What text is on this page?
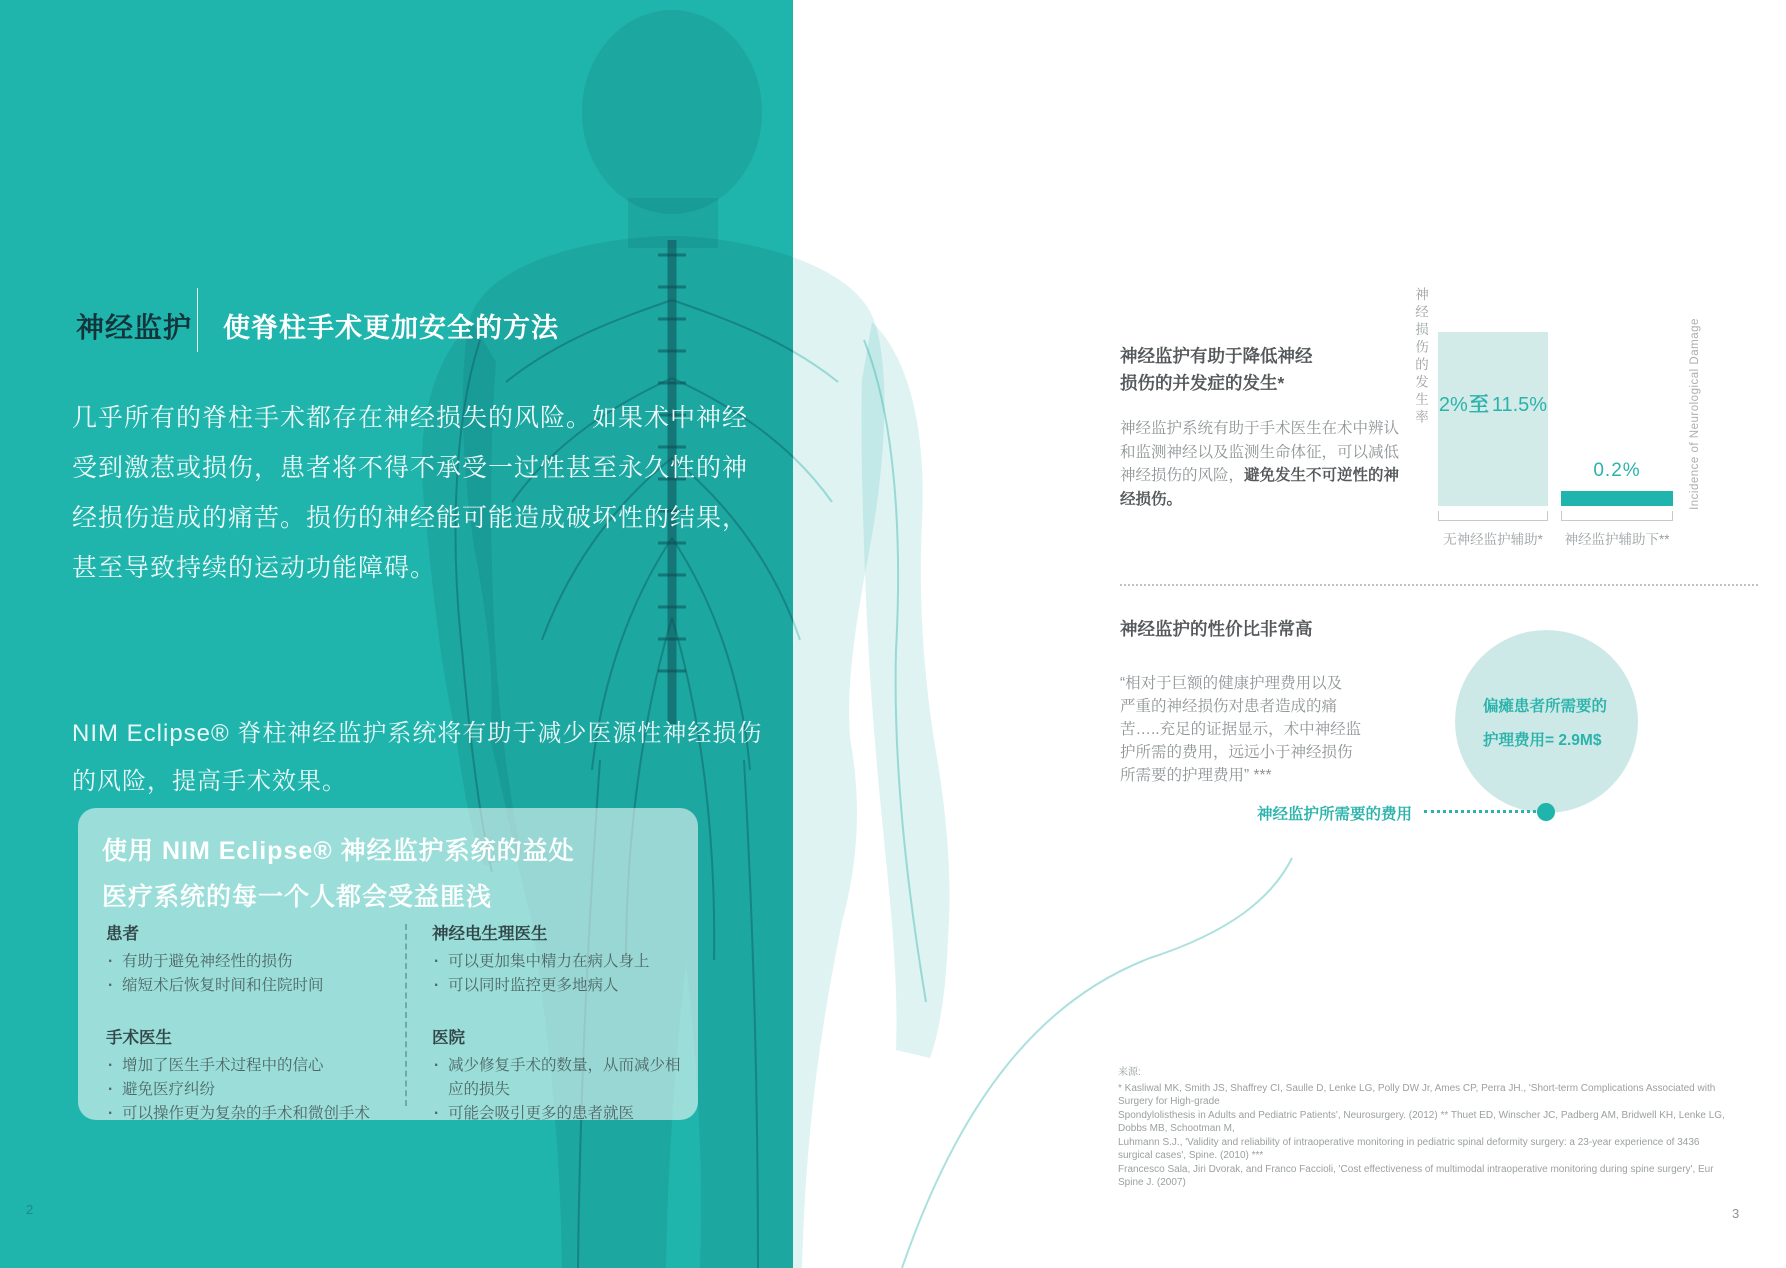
神经监护 使脊柱手术更加安全的方法
几乎所有的脊柱手术都存在神经损失的风险。如果术中神经
受到激惹或损伤，患者将不得不承受一过性甚至永久性的神
经损伤造成的痛苦。损伤的神经能可能造成破坏性的结果，
甚至导致持续的运动功能障碍。
NIM Eclipse® 脊柱神经监护系统将有助于减少医源性神经损伤
的风险，提高手术效果。
使用 NIM Eclipse® 神经监护系统的益处
医疗系统的每一个人都会受益匪浅
患者
· 有助于避免神经性的损伤
· 缩短术后恢复时间和住院时间
手术医生
· 增加了医生手术过程中的信心
· 避免医疗纠纷
· 可以操作更为复杂的手术和微创手术
神经电生理医生
· 可以更加集中精力在病人身上
· 可以同时监控更多地病人
医院
· 减少修复手术的数量，从而减少相应的损失
· 可能会吸引更多的患者就医
2
神经监护有助于降低神经
损伤的并发症的发生*
神经监护系统有助于手术医生在术中辨认和监测神经以及监测生命体征，可以减低神经损伤的风险，避免发生不可逆性的神经损伤。
神经损伤的发生率 2%至 11.5%
0.2%
无神经监护辅助*	神经监护辅助下**
Incidence of Neurological Damage
神经监护的性价比非常高
“相对于巨额的健康护理费用以及
严重的神经损伤对患者造成的痛
苦…..充足的证据显示，术中神经监
护所需的费用，远远小于神经损伤
所需要的护理费用” ***
偏瘫患者所需要的
护理费用= 2.9M$
神经监护所需要的费用
来源:
* Kasliwal MK, Smith JS, Shaffrey CI, Saulle D, Lenke LG, Polly DW Jr, Ames CP, Perra JH., 'Short-term Complications Associated with Surgery for High-grade
Spondylolisthesis in Adults and Pediatric Patients', Neurosurgery. (2012) ** Thuet ED, Winscher JC, Padberg AM, Bridwell KH, Lenke LG, Dobbs MB, Schootman M,
Luhmann S.J., 'Validity and reliability of intraoperative monitoring in pediatric spinal deformity surgery: a 23-year experience of 3436 surgical cases', Spine. (2010) ***
Francesco Sala, Jiri Dvorak, and Franco Faccioli, 'Cost effectiveness of multimodal intraoperative monitoring during spine surgery', Eur Spine J. (2007)
3
